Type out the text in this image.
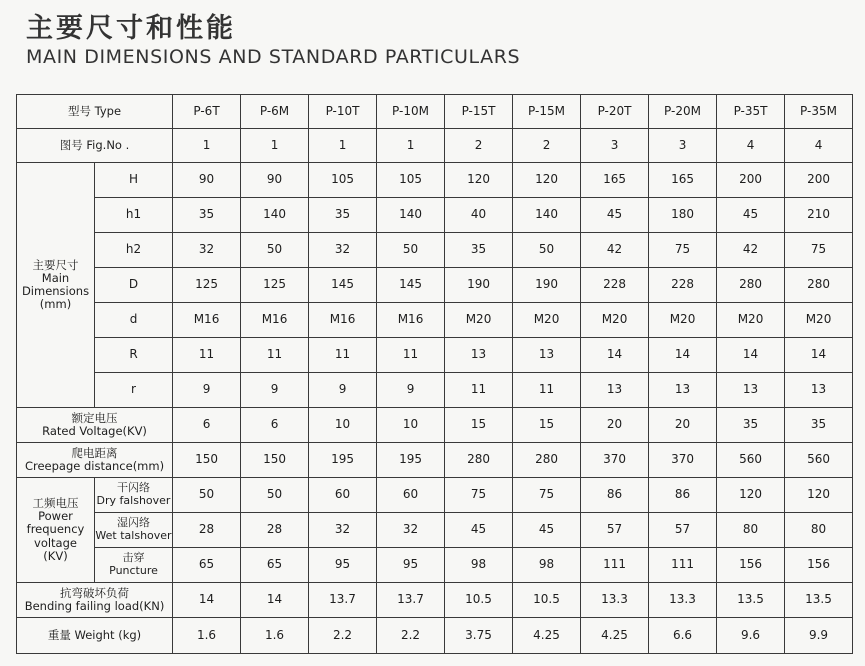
主要尺寸和性能
MAIN DIMENSIONS AND STANDARD PARTICULARS
型号 Type		P-6T	P-6M	P-10T	P-10M	P-15T	P-15M	P-20T	P-20M	P-35T	P-35M
图号 Fig.No .		1	1	1	1	2	2	3	3	4	4

主要尺寸
Main
Dimensions
(mm)	H	90	90	105	105	120	120	165	165	200	200
	h1	35	140	35	140	40	140	45	180	45	210
	h2	32	50	32	50	35	50	42	75	42	75
	D	125	125	145	145	190	190	228	228	280	280
	d	M16	M16	M16	M16	M20	M20	M20	M20	M20	M20
	R	11	11	11	11	13	13	14	14	14	14
	r	9	9	9	9	11	11	13	13	13	13

额定电压
Rated Voltage(KV)		6	6	10	10	15	15	20	20	35	35

爬电距离
Creepage distance(mm)		150	150	195	195	280	280	370	370	560	560

工频电压
Power
frequency
voltage
(KV)	干闪络
Dry falshover	50	50	60	60	75	75	86	86	120	120

	湿闪络
Wet talshover	28	28	32	32	45	45	57	57	80	80

	击穿
Puncture	65	65	95	95	98	98	111	111	156	156

抗弯破坏负荷
Bending failing load(KN)		14	14	13.7	13.7	10.5	10.5	13.3	13.3	13.5	13.5
重量 Weight (kg)		1.6	1.6	2.2	2.2	3.75	4.25	4.25	6.6	9.6	9.9
